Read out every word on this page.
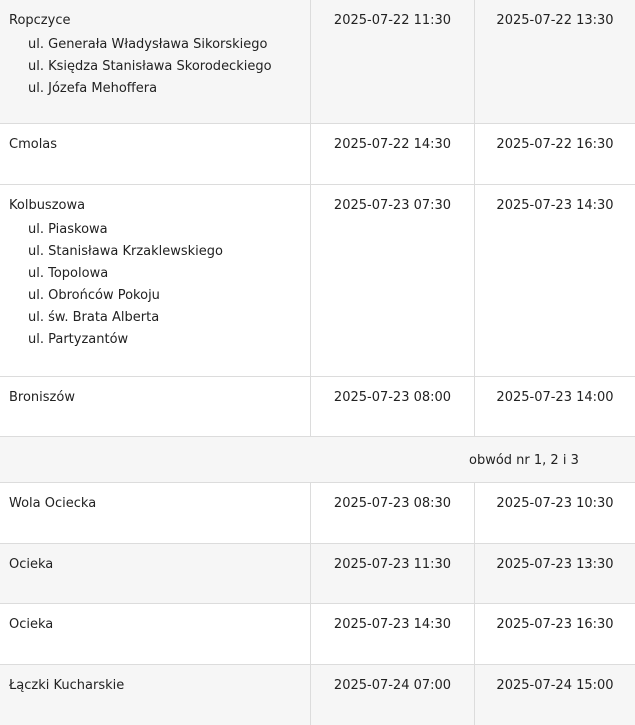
Ropczyce
ul. Generała Władysława Sikorskiego
ul. Księdza Stanisława Skorodeckiego
ul. Józefa Mehoffera
2025-07-22 11:30	2025-07-22 13:30
Cmolas	2025-07-22 14:30	2025-07-22 16:30
Kolbuszowa
ul. Piaskowa
ul. Stanisława Krzaklewskiego
ul. Topolowa
ul. Obrońców Pokoju
ul. św. Brata Alberta
ul. Partyzantów
2025-07-23 07:30	2025-07-23 14:30
Broniszów	2025-07-23 08:00	2025-07-23 14:00
obwód nr 1, 2 i 3
Wola Ociecka	2025-07-23 08:30	2025-07-23 10:30
Ocieka	2025-07-23 11:30	2025-07-23 13:30
Ocieka	2025-07-23 14:30	2025-07-23 16:30
Łączki Kucharskie	2025-07-24 07:00	2025-07-24 15:00
